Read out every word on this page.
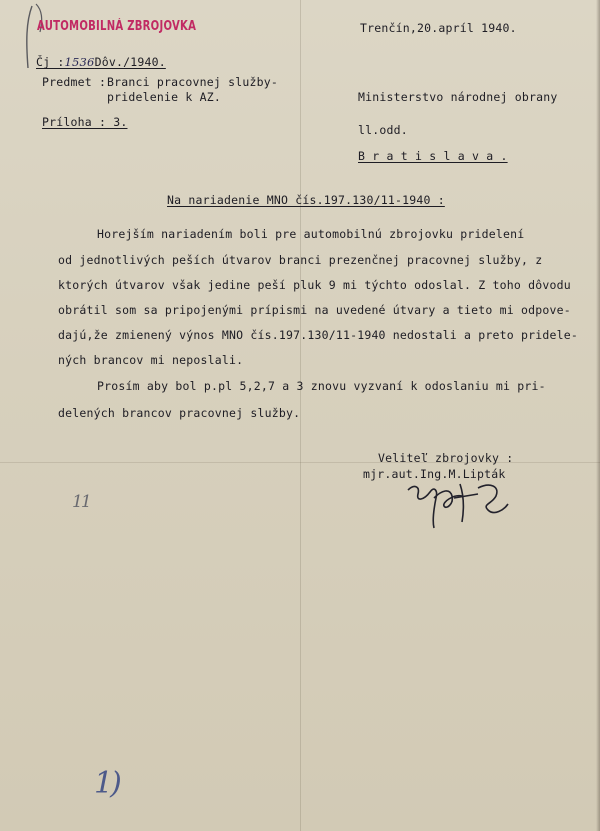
AUTOMOBILNÁ ZBROJOVKA	Trenčín,20.apríl 1940.
Čj :1536Dôv./1940.
Predmet : Branci pracovnej služby-
pridelenie k AZ.
Príloha : 3.
Ministerstvo národnej obrany
ll.odd.
B r a t i s l a v a .
Na nariadenie MNO čís.197.130/11-1940 :
Horejším nariadením boli pre automobilnú zbrojovku pridelení
od jednotlivých peších útvarov branci prezenčnej pracovnej služby, z
ktorých útvarov však jedine peší pluk 9 mi týchto odoslal. Z toho dôvodu
obrátil som sa pripojenými prípismi na uvedené útvary a tieto mi odpove-
dajú,že zmienený výnos MNO čís.197.130/11-1940 nedostali a preto pridele-
ných brancov mi neposlali.
Prosím aby bol p.pl 5,2,7 a 3 znovu vyzvaní k odoslaniu mi pri-
delených brancov pracovnej služby.
Veliteľ zbrojovky :
mjr.aut.Ing.M.Lipták
11
1)
